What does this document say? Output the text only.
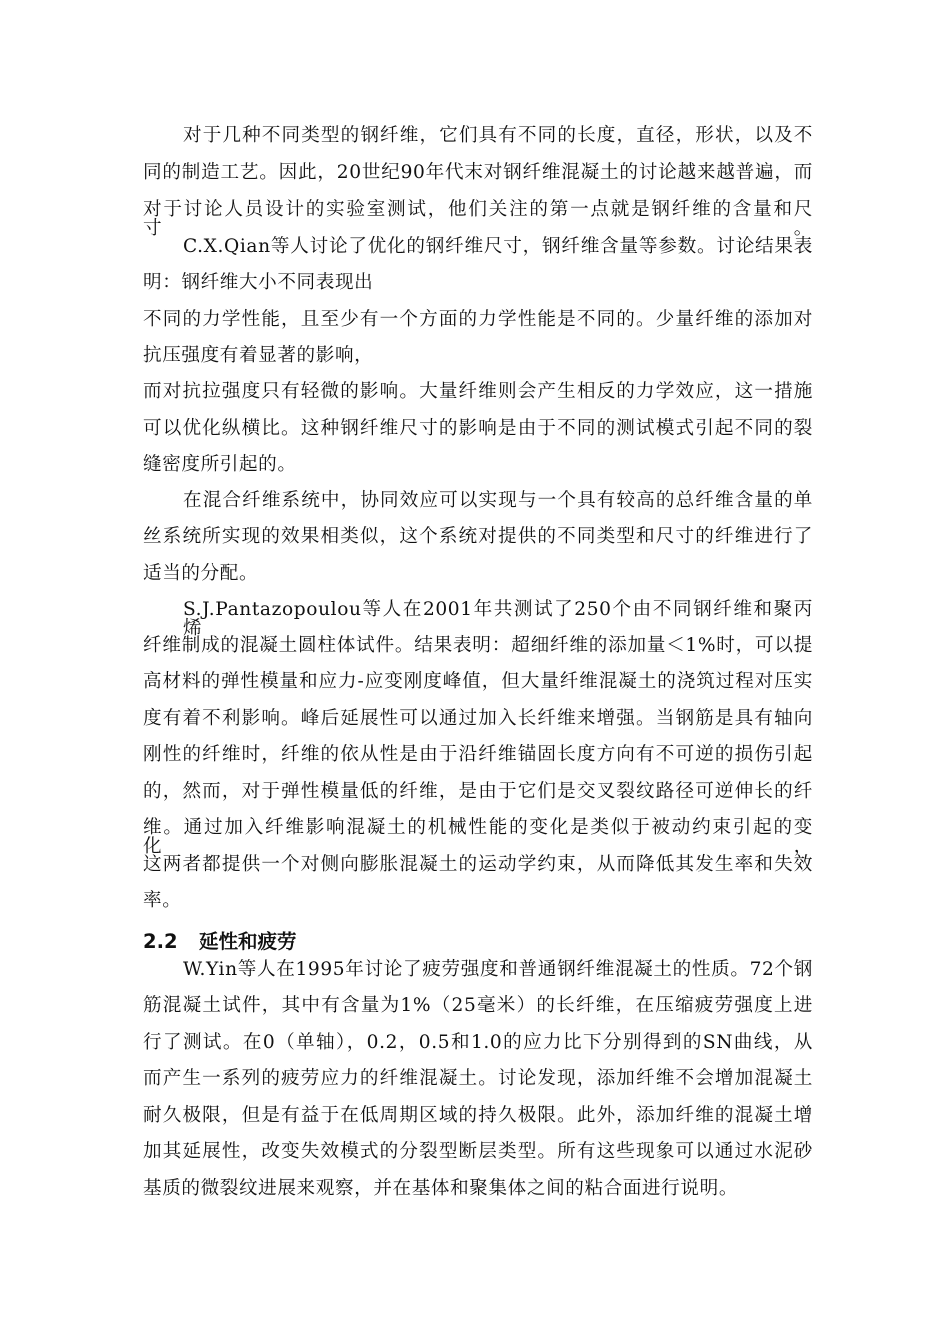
对于几种不同类型的钢纤维，它们具有不同的长度，直径，形状，以及不
同的制造工艺。因此，20世纪90年代末对钢纤维混凝土的讨论越来越普遍，而
对于讨论人员设计的实验室测试，他们关注的第一点就是钢纤维的含量和尺寸。
C.X.Qian等人讨论了优化的钢纤维尺寸，钢纤维含量等参数。讨论结果表
明：钢纤维大小不同表现出
不同的力学性能，且至少有一个方面的力学性能是不同的。少量纤维的添加对
抗压强度有着显著的影响，
而对抗拉强度只有轻微的影响。大量纤维则会产生相反的力学效应，这一措施
可以优化纵横比。这种钢纤维尺寸的影响是由于不同的测试模式引起不同的裂
缝密度所引起的。
在混合纤维系统中，协同效应可以实现与一个具有较高的总纤维含量的单
丝系统所实现的效果相类似，这个系统对提供的不同类型和尺寸的纤维进行了
适当的分配。
S.J.Pantazopoulou等人在2001年共测试了250个由不同钢纤维和聚丙烯
纤维制成的混凝土圆柱体试件。结果表明：超细纤维的添加量＜1%时，可以提
高材料的弹性模量和应力-应变刚度峰值，但大量纤维混凝土的浇筑过程对压实
度有着不利影响。峰后延展性可以通过加入长纤维来增强。当钢筋是具有轴向
刚性的纤维时，纤维的依从性是由于沿纤维锚固长度方向有不可逆的损伤引起
的，然而，对于弹性模量低的纤维，是由于它们是交叉裂纹路径可逆伸长的纤
维。通过加入纤维影响混凝土的机械性能的变化是类似于被动约束引起的变化，
这两者都提供一个对侧向膨胀混凝土的运动学约束，从而降低其发生率和失效
率。
2.2 延性和疲劳
W.Yin等人在1995年讨论了疲劳强度和普通钢纤维混凝土的性质。72个钢
筋混凝土试件，其中有含量为1%（25毫米）的长纤维，在压缩疲劳强度上进
行了测试。在0（单轴），0.2，0.5和1.0的应力比下分别得到的SN曲线，从
而产生一系列的疲劳应力的纤维混凝土。讨论发现，添加纤维不会增加混凝土
耐久极限，但是有益于在低周期区域的持久极限。此外，添加纤维的混凝土增
加其延展性，改变失效模式的分裂型断层类型。所有这些现象可以通过水泥砂
基质的微裂纹进展来观察，并在基体和聚集体之间的粘合面进行说明。
